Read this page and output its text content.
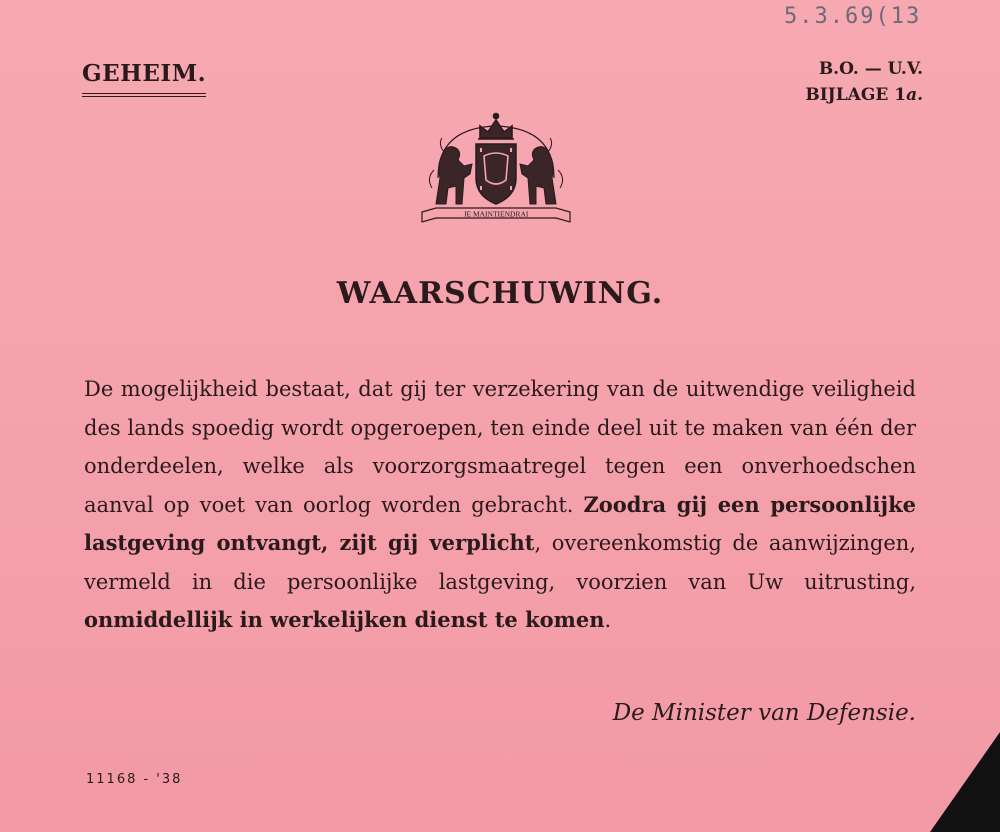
5.3.69(13
GEHEIM.	B.O. — U.V.
BIJLAGE 1a.
JE MAINTIENDRAI
WAARSCHUWING.

De mogelijkheid bestaat, dat gij ter verzekering van de uitwendige veiligheid des lands spoedig wordt opgeroepen, ten einde deel uit te maken van één der onderdeelen, welke als voorzorgsmaatregel tegen een onverhoedschen aanval op voet van oorlog worden gebracht. Zoodra gij een persoonlijke lastgeving ontvangt, zijt gij verplicht, overeenkomstig de aanwijzingen, vermeld in die persoonlijke lastgeving, voorzien van Uw uitrusting, onmiddellijk in werkelijken dienst te komen.

De Minister van Defensie.
11168 - '38
